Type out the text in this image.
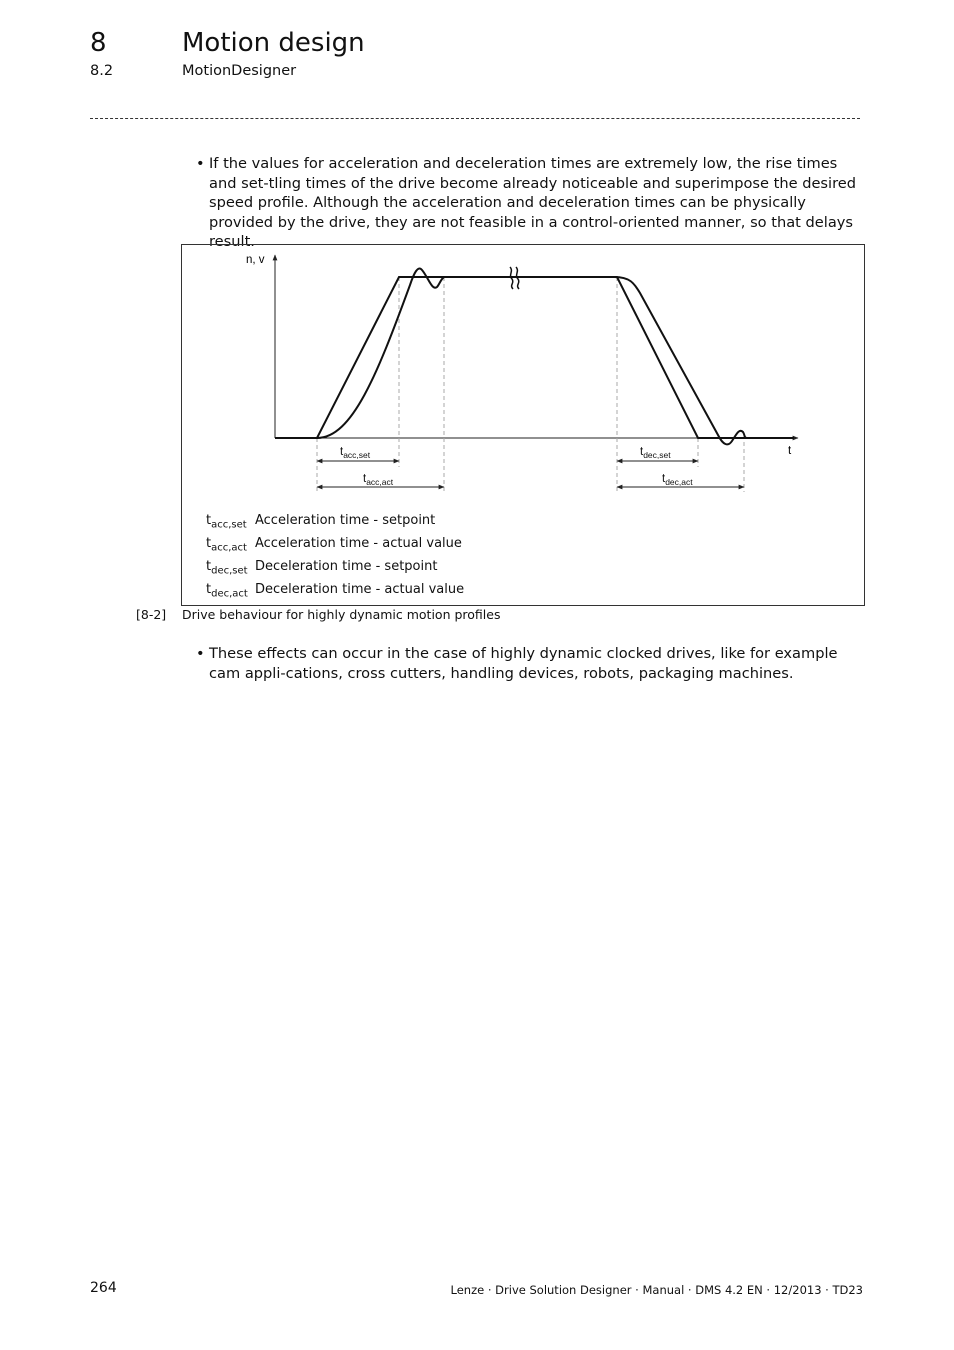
8	Motion design
8.2	MotionDesigner
• If the values for acceleration and deceleration times are extremely low, the rise times and set-tling times of the drive become already noticeable and superimpose the desired speed profile. Although the acceleration and deceleration times can be physically provided by the drive, they are not feasible in a control-oriented manner, so that delays result.
n, v
t
$t_{acc,set}$
$t_{acc,act}$
$t_{dec,set}$
$t_{dec,act}$
$t_{acc,set}$ Acceleration time - setpoint
$t_{acc,act}$ Acceleration time - actual value
$t_{dec,set}$ Deceleration time - setpoint
$t_{dec,act}$ Deceleration time - actual value
[8-2] Drive behaviour for highly dynamic motion profiles
• These effects can occur in the case of highly dynamic clocked drives, like for example cam appli-cations, cross cutters, handling devices, robots, packaging machines.
264	Lenze · Drive Solution Designer · Manual · DMS 4.2 EN · 12/2013 · TD23
